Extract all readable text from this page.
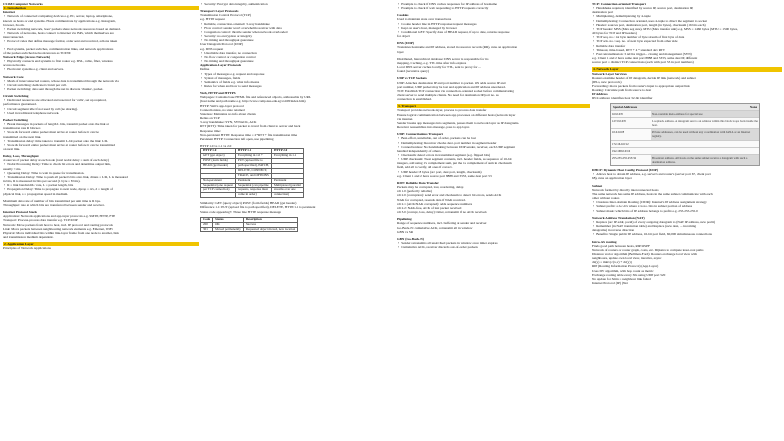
CS168 Computer Networks
1. Introduction
Internet
• Network of connected computing devices e.g. PC, server, laptop, smartphone,
known as hosts or end systems. Hosts communicate by applications e.g. Instagram,
browser, Zoom.
• Packet switching network, 'user' packets share network resources based on demand.
• Network of networks, hosts connect to Internet via ISPs, which themselves are
interconnected.
• Protocol: rules that define message format, order sent and received, actions taken
• End systems, packet switches, communication links, and network applications
of the packet-switched network known as TCP/IP.
Network Edge (Access Network)
• Physically connects end systems to first router e.g. DSL, cable, fiber, wireless
access networks.
• Electronic systems e.g. client and servers.
Network Core
• Mesh of interconnected routers, whose data is transmitted through the network via
• Circuit switching: dedicated circuit per call.
• Packet switching: data sent through the net in discrete 'chunks', packet.
Circuit Switching
• Dedicated resources are allocated and reserved for 'calls', set up required,
performance guaranteed.
• Circuit segment idle if not used by call (no sharing).
• Used in traditional telephone network.
Packet Switching
• Break messages in packets of length L bits, transmit packet onto the link at
transmission rate R bits/sec.
• Store & forward: entire packet must arrive at router before it can be
transmitted on the next link.
• Transmission delay: time taken to transmit L-bit packet onto the link: L/R.
• Store & forward: entire packet must arrive at router before it can be transmitted
on next link.
Delay, Loss, Throughput
4 sources of packet delay at each node (total nodal delay = sum of each delay)
• Nodal Processing Delay: Time to check bit errors and determine output link,
usually < ms.
• Queueing Delay: Time to wait in queue for transmission.
• Transmission Delay: Time to push all packet's bits onto link, dtrans = L/R, L is measured
in bits, R is measured in bits per second (1 byte = 8 bits).
• R = link bandwidth / rate, L = packet length, bits
• Propagation Delay: Time to propagate to next node, dprop = d/s, d = length of
physical link, s = propagation speed in medium.
Maximum data rate of number of bits transmitted per unit time is R bps.
Throughput: rate at which bits are transferred between sender and receiver.
Internet Protocol Stack
Application: Network applications and app-layer protocols e.g. SMTP, HTTP, FTP
Transport: Process-process data transfer e.g. TCP/UDP
Network: Move packets from host to host, incl. IP protocol and routing protocols
Link: Move packets between neighbouring network elements e.g. Ethernet, WiFi
Physical: Move individual bits within link-layer frame from one node to another, link
and transmission medium dependent.
2. Application Layer
Principles of Network Applications
• Security: Encrypt data integrity, authentication
Transport Layer Protocols
Transmission Control Protocol (TCP)
e.g. HTTP request
• Reliable, connection-oriented: 3-way handshake
• Flow control: sender won't overwhelm receiver with data
• Congestion control: throttle sender when network overloaded
• Security: no encryption or integrity
• No timing and throughput guarantee
User Datagram Protocol (UDP)
e.g. DNS request
• Unreliable data transfer, no connection
• No flow control or congestion control
• No timing and throughput guarantee
Application-Layer Protocols
Define
• Types of messages e.g. request and response
• Syntax of messages, fields
• Semantics of fields e.g. what info means
• Rules for when and how to send messages
Web, HTTP and HTTPS
Webpages: Contains base HTML file and referenced objects, addressable by URL
(host name and path name e.g. http://www.comp.nus.edu.sg/cs168/index.htm)
HTTP: Web's app-layer protocol
Connectionless, no state retained
Stateless: Maintains no info about clients
Relies on TCP
3-way handshake: SYN, SYNACK, ACK
RTT (RTT): Time taken for packet to travel from client to server and back
Response time:
Non-persistent HTTP: Response time = 2*RTT + file transmission time
Persistent HTTP: Connection left open, use pipelining
HTTP 1.0 vs 1.1 vs 2.0
HTTP 1.0	HTTP 1.1	HTTP 2.0
GET (get object)	Everything in 1.0 +	Everything in 1.1
POST (form fields)	PUT (upload file to	
HEAD (get header)	path specified), PATCH,	
	DELETE, CONNECT,	
	TRACE, and OPTIONS	
Non-persistent	Persistent	Persistent
Sequential (one request	Sequential (can pipeline	Multiplexed (parallel
per TCP connection)	requests, response must	streams over one
	come in order)	connection)
Similarity: GET (query object) POST (form fields) HEAD (get header)
Difference 1.1: PUT (upload file to path specified), DELETE, HTTP/1.1 is persistent
Status code appearing?: Three line HTTP response message
Code	Status	Description
200	OK	Success
301	Moved permanently	Requested object moved, new location
• Example to check if DNS caches responses for IP address of hostname
• Example to check if web responding to HTTP requests correctly
Cookies
Used to maintain state over transactions
• Cookie header line in HTTP response/request messages
• Kept on user's host, managed by browser
• Conditional GET: Specify date of HEAD request, if up to date, returns response
for object
DNS (UDP)
Translates hostname and IP address, stored in resource records (RR), runs on application
layer
Distributed, hierarchical database: DNS server is responsible for its
mapping, Caching, e.g. TTL time after info expires
Local DNS server caches locally for TTL, sent to proxy for ...
found (recursive query)
UDP vs TCP Sockets
UDP: Attaches destination IP and port number to packet. OS adds source IP and
port number, UDP packet may be lost and application and IP address unordered.
TCP: Establish TCP connection via connection-oriented socket before communicating
client server to send multiple clients. No need for destination IP/port no. as
connection is established.
3. Transport
Transport provides network-layer, process to process data transfer
Ensure logical communication between app processes on different hosts (network layer
via internet.
Sender breaks app messages into segments, passes them to network layer as IP datagrams.
Receiver reassembles into message, pass to app layer.
UDP: Connectionless Transport
• Best-effort, unreliable, out of order, packets can be lost
• Demultiplexing: Receiver checks dest. port number in segment header
• Connectionless: No handshaking between UDP sender, receiver, each UDP segment
handled independently of others.
• Checksum: detect errors in transmitted segment (e.g. flipped bits)
• UDP checksum: Treat segment contents, incl. header fields, as sequence of 16-bit
integers, add using 1's complement sum, put the 1s complement of sum in checksum
field, add all to verify, all ones if correct.
• UDP header: 8 bytes (src port, dest port, length, checksum)
e.g. Client 1 and 2 have source port 8888 and 3333, same dest port 53
RDT: Reliable Data Transfer
Packets may be corrupted, lost, reordering, delay.
rdt 1.0 (perfectly reliable)
rdt 2.0 (corruption): send error and checksum to detect bit errors, sends ACK
NAK for corrupted, resends data if NAK received.
rdt 2.1 (ACK/NAK corrupted): adds sequence numbers
rdt 2.2: NAK-free, ACK of last packet received
rdt 3.0 (corrupt, loss, delay): timer, retransmit if no ACK received.
Pipelining
Range of sequence numbers, incl. buffering at sender and receiver
Go-Back-N: cumulative ACK, retransmit all in window
GBN vs SR
GBN (Go-Back-N)
• Sender retransmits all unACKed packets in window once timer expires
• Cumulative ACK, receiver discards out-of-order packets
TCP: Connection-oriented Transport
• Handshake required, identified by source IP, source port, destination IP,
destination port
• Multiplexing, demultiplexing by 4-tuple
• Demultiplexing: Connection oriented, uses 4-tuple to direct the segment to socket
• Header: sources port, destination port, length (in bytes), checksum (16 bits each)
• TCP header: MSS (Max seg size), MTU (Max transfer unit) e.g. MSS = 1460 bytes (MTU = 1500 bytes,
40 bytes for TCP and IP headers)
• TCP seq. no.: 1st byte number of byte stream of first byte of data
• TCP ack. no.: seq. no. of next byte expected from other side
• Reliable data transfer
• Timeout, time-based, RTT + 4 * standard dev RTT
• Fast retransmission: 3 ACKs trigger... closing and management (SYN)
e.g. Client 1 and 2 have same dest port 8888 and 3333, same dest IP, different
source port = distinct TCP connections (each with port 53 in port numbers)
4. Network Layer
Network Layer Services
Routers examine header of IP datagram, decide IP link (network) and subnet
(IPLs, new protocols)
Forwarding: move packets from router's input to appropriate output link
Routing: Calculate path from source to dest
IP Address
IPv4 address: identifies host 32-bit identifier
Special Addresses	None
0.0.0.0/8	Non-routable meta-address for special use
127.0.0.0/8	Loopback address. A datagram sent to an address within this block loops back inside the host.
10.0.0.0/8	Private addresses, can be used without any coordination with IANA or an Internet registry.
172.16.0.0/12
192.168.0.0/16
255.255.255.255/32	Broadcast address. All hosts on the same subnet receive a datagram with such a destination address.
DHCP: Dynamic Host Config Protocol (UDP)
• Allows host to obtain IP address, e.g. server's and router's (server port 67, client port
68), runs on application layer
Subnet
Network formed by directly interconnected hosts
The same network has same IP address, hosts in the same subnet communicate with each
other without router.
• Classless Inter-domain Routing (CIDR): Internet's IP address assignment strategy
• Subnet prefix: a.b.c.d/x where x is no. bits in subnet portion of address
• Subnet mask: which bits of IP address belongs to prefix e.g. 255.255.255.0
Network Address Translation (NAT)
• Replace (src IP addr, port#) of every outgoing datagram to (NAT IP address, new port#)
• Remember (in NAT translation table) and Replace (new dest, ... incoming
datagrams) in reverse direction
• Benefits: Single public IP address, 16-bit port field, 60,000 simultaneous connections
Intra-AS routing
Finds good path between hosts, RIP/OSPF
Network of routers or router graph, costs, etc. Dijkstra to compute least-cost paths
Distance vector algorithm (Bellman-Ford): Routers exchange local view with
neighbours, update own local view, iterative, async
dx(y) = minv{c(x,v) + dv(y)}
RIP (Routing Information Protocol) (App Layer)
Uses DV algorithm, with hop count as metric
Exchange routing table every 30s using UDP port 520
No update for 3min = neighbour link failed
Internet Protocol (IP) (Net
